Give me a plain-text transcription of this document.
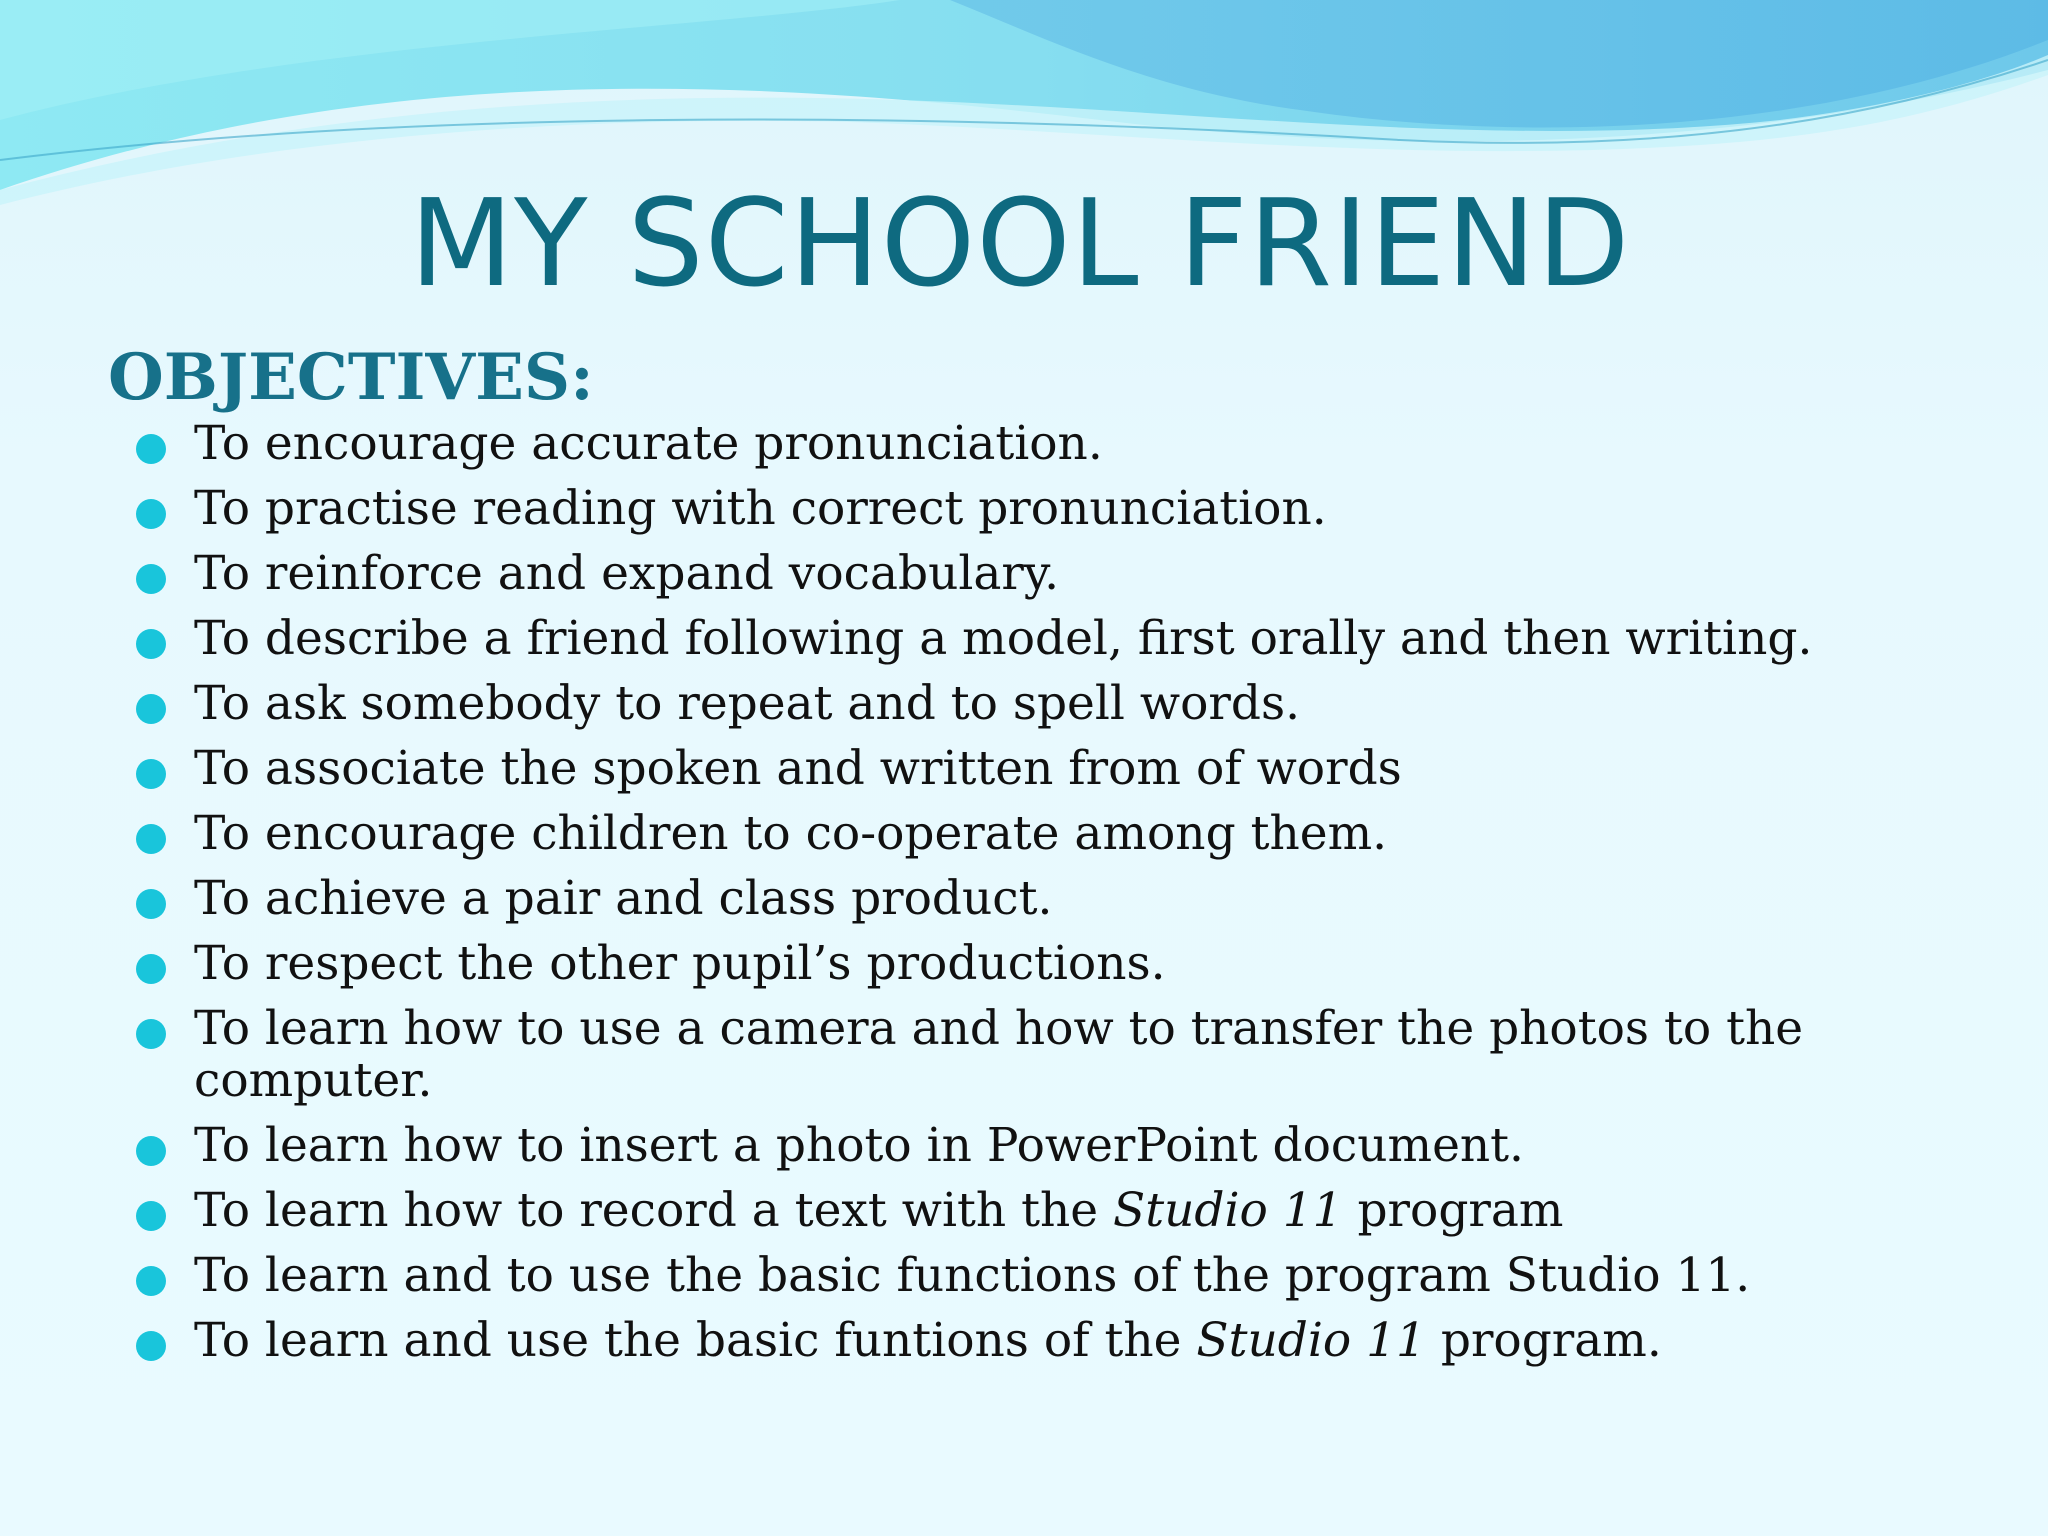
MY SCHOOL FRIEND
OBJECTIVES:
To encourage accurate pronunciation.
To practise reading with correct pronunciation.
To reinforce and expand vocabulary.
To describe a friend following a model, first orally and then writing.
To ask somebody to repeat and to spell words.
To associate the spoken and written from of words
To encourage children to co-operate among them.
To achieve a pair and class product.
To respect the other pupil’s productions.
To learn how to use a camera and how to transfer the photos to the computer.
To learn how to insert a photo in PowerPoint document.
To learn how to record a text with the Studio 11 program
To learn and to use the basic functions of the program Studio 11.
To learn and use the basic funtions of the Studio 11 program.
